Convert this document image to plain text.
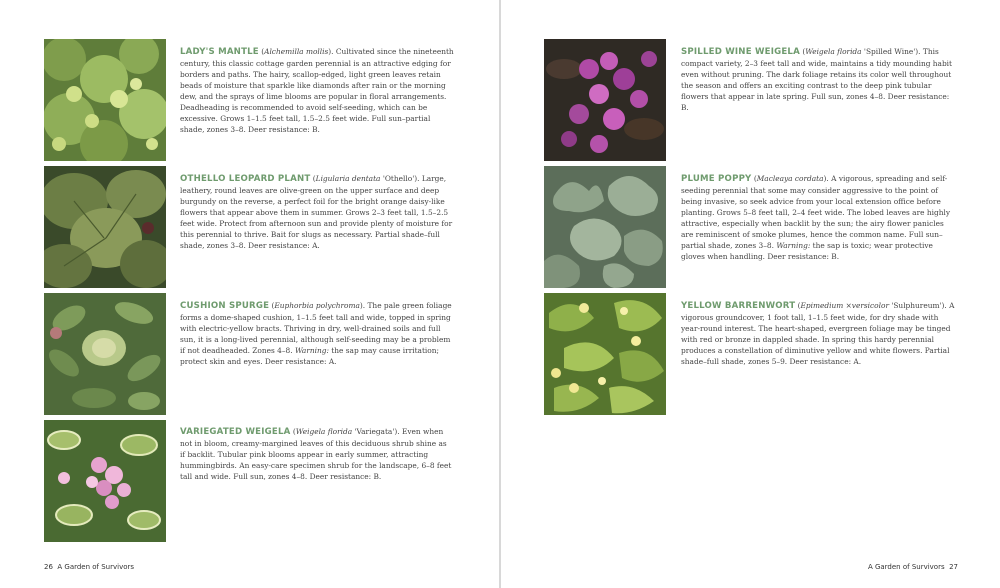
LADY'S MANTLE (Alchemilla mollis). Cultivated since the nineteenth century, this classic cottage garden perennial is an attractive edging for borders and paths. The hairy, scallop-edged, light green leaves retain beads of moisture that sparkle like diamonds after rain or the morning dew, and the sprays of lime blooms are popular in floral arrangements. Deadheading is recommended to avoid self-seeding, which can be excessive. Grows 1–1.5 feet tall, 1.5–2.5 feet wide. Full sun–partial shade, zones 3–8. Deer resistance: B.
OTHELLO LEOPARD PLANT (Ligularia dentata 'Othello'). Large, leathery, round leaves are olive-green on the upper surface and deep burgundy on the reverse, a perfect foil for the bright orange daisy-like flowers that appear above them in summer. Grows 2–3 feet tall, 1.5–2.5 feet wide. Protect from afternoon sun and provide plenty of moisture for this perennial to thrive. Bait for slugs as necessary. Partial shade–full shade, zones 3–8. Deer resistance: A.
CUSHION SPURGE (Euphorbia polychroma). The pale green foliage forms a dome-shaped cushion, 1–1.5 feet tall and wide, topped in spring with electric-yellow bracts. Thriving in dry, well-drained soils and full sun, it is a long-lived perennial, although self-seeding may be a problem if not deadheaded. Zones 4–8. Warning: the sap may cause irritation; protect skin and eyes. Deer resistance: A.
VARIEGATED WEIGELA (Weigela florida 'Variegata'). Even when not in bloom, creamy-margined leaves of this deciduous shrub shine as if backlit. Tubular pink blooms appear in early summer, attracting hummingbirds. An easy-care specimen shrub for the landscape, 6–8 feet tall and wide. Full sun, zones 4–8. Deer resistance: B.
26 A Garden of Survivors
SPILLED WINE WEIGELA (Weigela florida 'Spilled Wine'). This compact variety, 2–3 feet tall and wide, maintains a tidy mounding habit even without pruning. The dark foliage retains its color well throughout the season and offers an exciting contrast to the deep pink tubular flowers that appear in late spring. Full sun, zones 4–8. Deer resistance: B.
PLUME POPPY (Macleaya cordata). A vigorous, spreading and self-seeding perennial that some may consider aggressive to the point of being invasive, so seek advice from your local extension office before planting. Grows 5–8 feet tall, 2–4 feet wide. The lobed leaves are highly attractive, especially when backlit by the sun; the airy flower panicles are reminiscent of smoke plumes, hence the common name. Full sun–partial shade, zones 3–8. Warning: the sap is toxic; wear protective gloves when handling. Deer resistance: B.
YELLOW BARRENWORT (Epimedium ×versicolor 'Sulphureum'). A vigorous groundcover, 1 foot tall, 1–1.5 feet wide, for dry shade with year-round interest. The heart-shaped, evergreen foliage may be tinged with red or bronze in dappled shade. In spring this hardy perennial produces a constellation of diminutive yellow and white flowers. Partial shade–full shade, zones 5–9. Deer resistance: A.
A Garden of Survivors 27
